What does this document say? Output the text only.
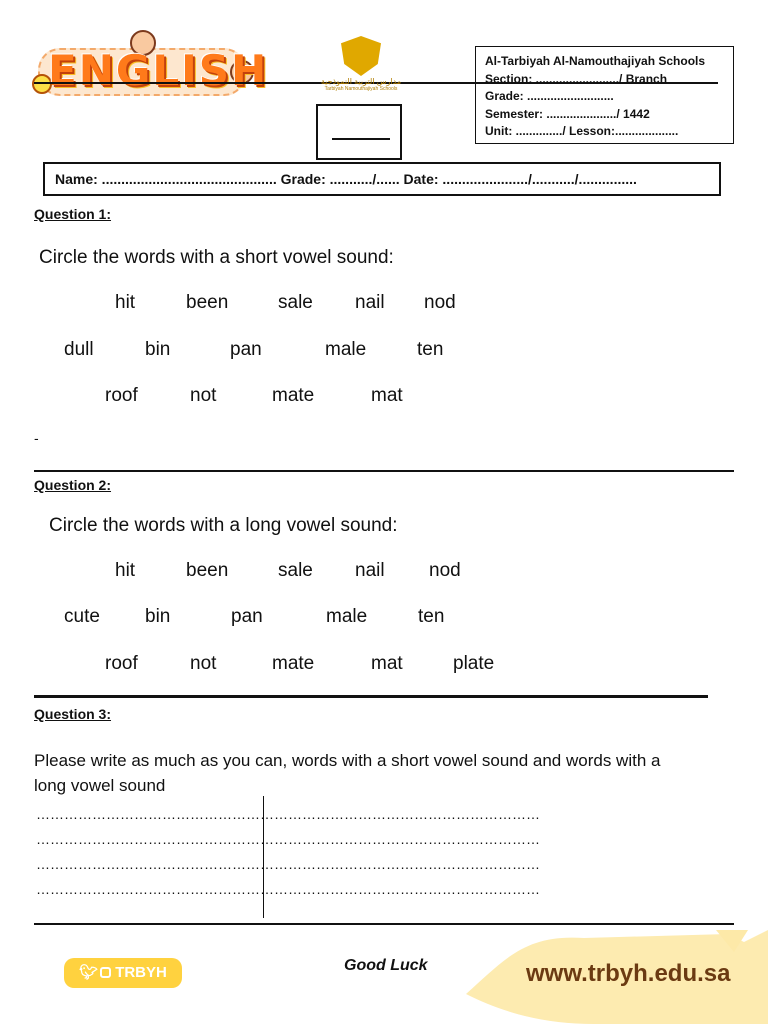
ENGLISH	مدارس التربية النموذجية
Tarbiyah Namouthajiyah Schools
Al-Tarbiyah Al-Namouthajiyah Schools
Section: ........................./ Branch
Grade: ..........................
Semester: ...................../ 1442
Unit: ............../ Lesson:...................
Name: ............................................. Grade: .........../...... Date: ....................../.........../...............
Question 1:
Circle the words with a short vowel sound:
hit	been	sale nail nod
dull	bin	pan	male	ten
roof	not	mate	mat
-
Question 2:
Circle the words with a long vowel sound:
hit	been	sale nail nod
cute bin	pan	male	ten
roof	not	mate	mat	plate
Question 3:
Please write as much as you can, words with a short vowel sound and words with a
long vowel sound
……………………………………………
……………………………………………
……………………………………………
……………………………………………
…………………………………………………
…………………………………………………
…………………………………………………
…………………………………………………
🐦︎ TRBYH	Good Luck	www.trbyh.edu.sa
